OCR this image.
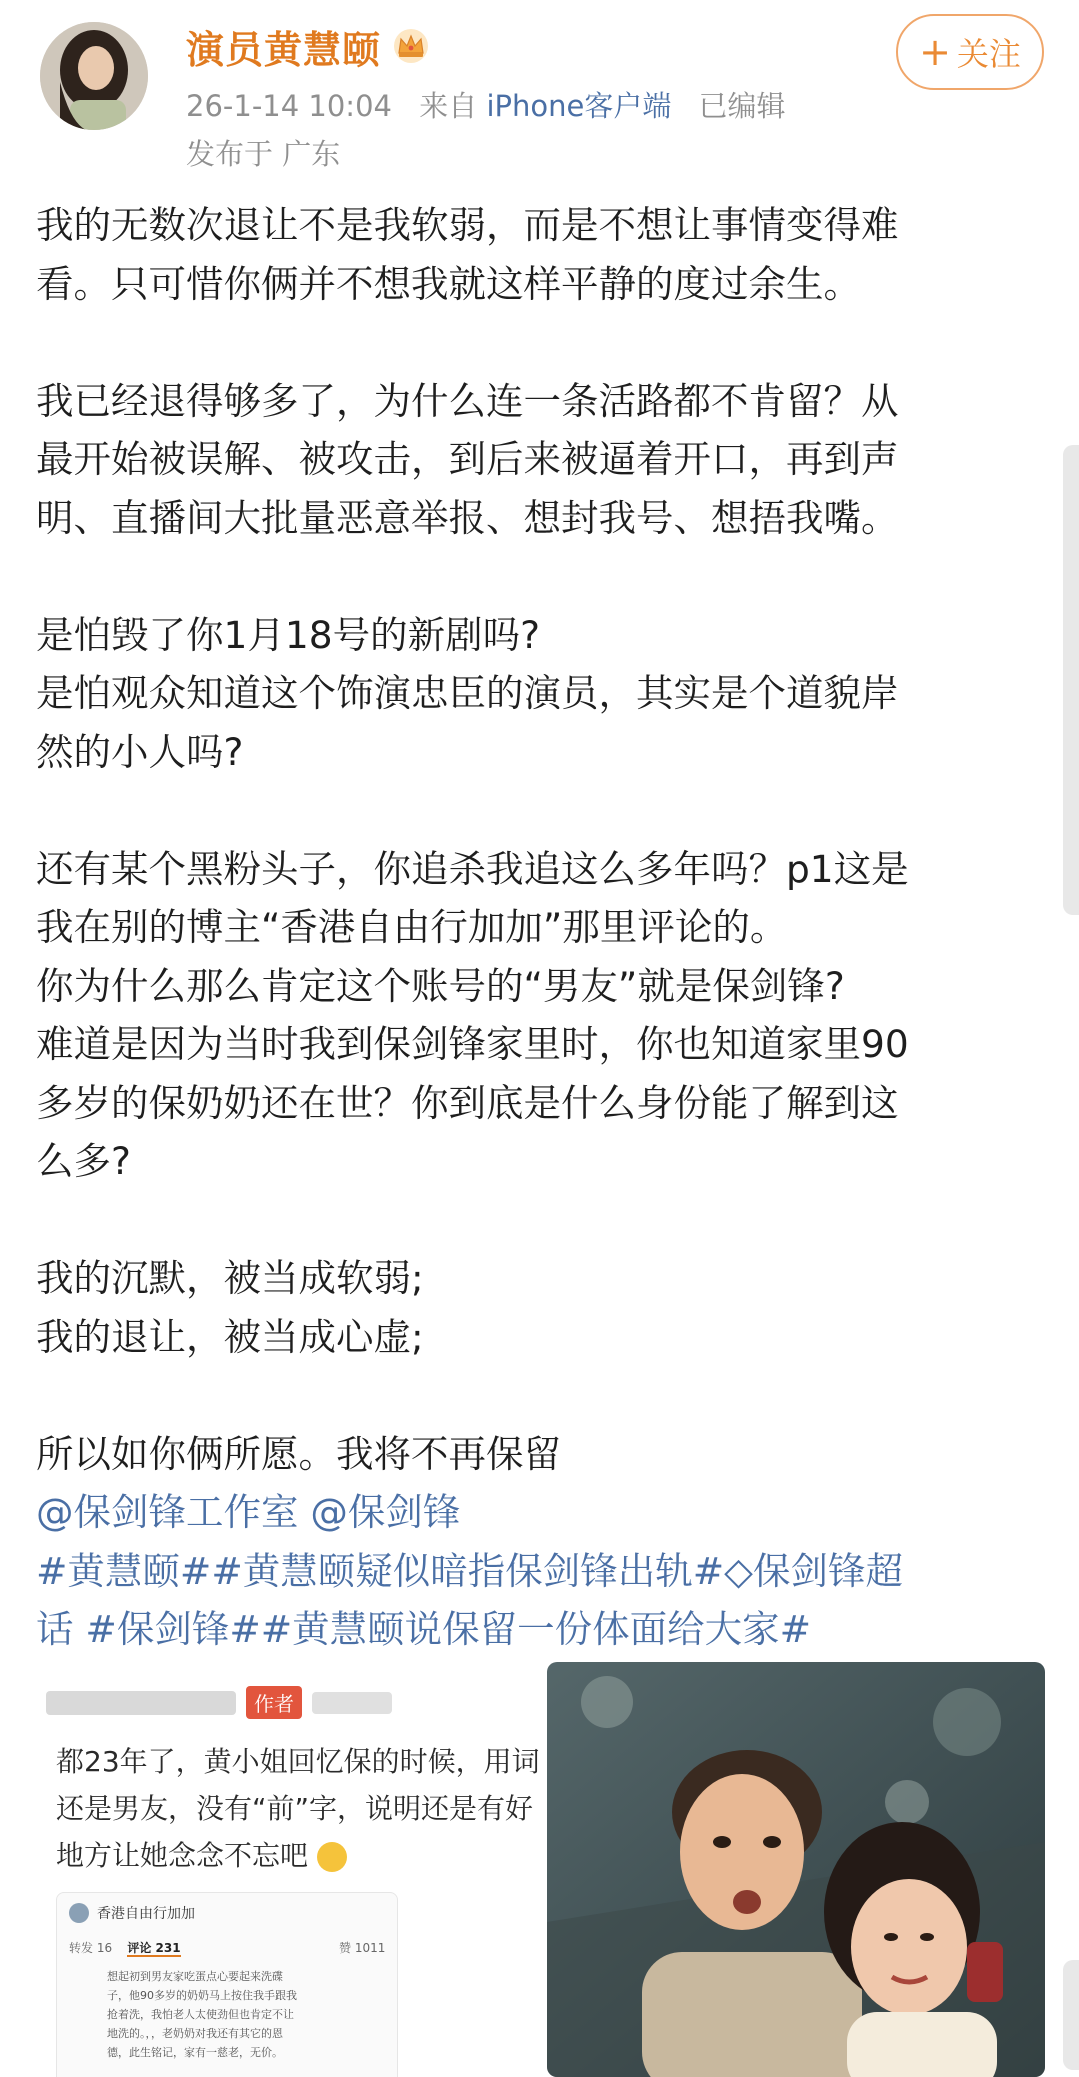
演员黄慧颐
26-1-14 10:04 来自 iPhone客户端 已编辑
发布于 广东
+ 关注

我的无数次退让不是我软弱，而是不想让事情变得难

看。只可惜你俩并不想我就这样平静的度过余生。

我已经退得够多了，为什么连一条活路都不肯留？从

最开始被误解、被攻击，到后来被逼着开口，再到声

明、直播间大批量恶意举报、想封我号、想捂我嘴。

是怕毁了你1月18号的新剧吗?

是怕观众知道这个饰演忠臣的演员，其实是个道貌岸

然的小人吗?

还有某个黑粉头子，你追杀我追这么多年吗？p1这是

我在别的博主“香港自由行加加”那里评论的。

你为什么那么肯定这个账号的“男友”就是保剑锋?

难道是因为当时我到保剑锋家里时，你也知道家里90

多岁的保奶奶还在世？你到底是什么身份能了解到这

么多?

我的沉默，被当成软弱;

我的退让，被当成心虚;

所以如你俩所愿。我将不再保留

@保剑锋工作室 @保剑锋

#黄慧颐##黄慧颐疑似暗指保剑锋出轨#◇保剑锋超

话 #保剑锋##黄慧颐说保留一份体面给大家#

作者

都23年了，黄小姐回忆保的时候，用词

还是男友，没有“前”字，说明还是有好

地方让她念念不忘吧

香港自由行加加
转发 16 评论 231	赞 1011

想起初到男友家吃蛋点心要起来洗碟

子，他90多岁的奶奶马上按住我手跟我

抢着洗，我怕老人太使劲但也肯定不让

地洗的。，，老奶奶对我还有其它的恩

德，此生铭记，家有一慈老，无价。
